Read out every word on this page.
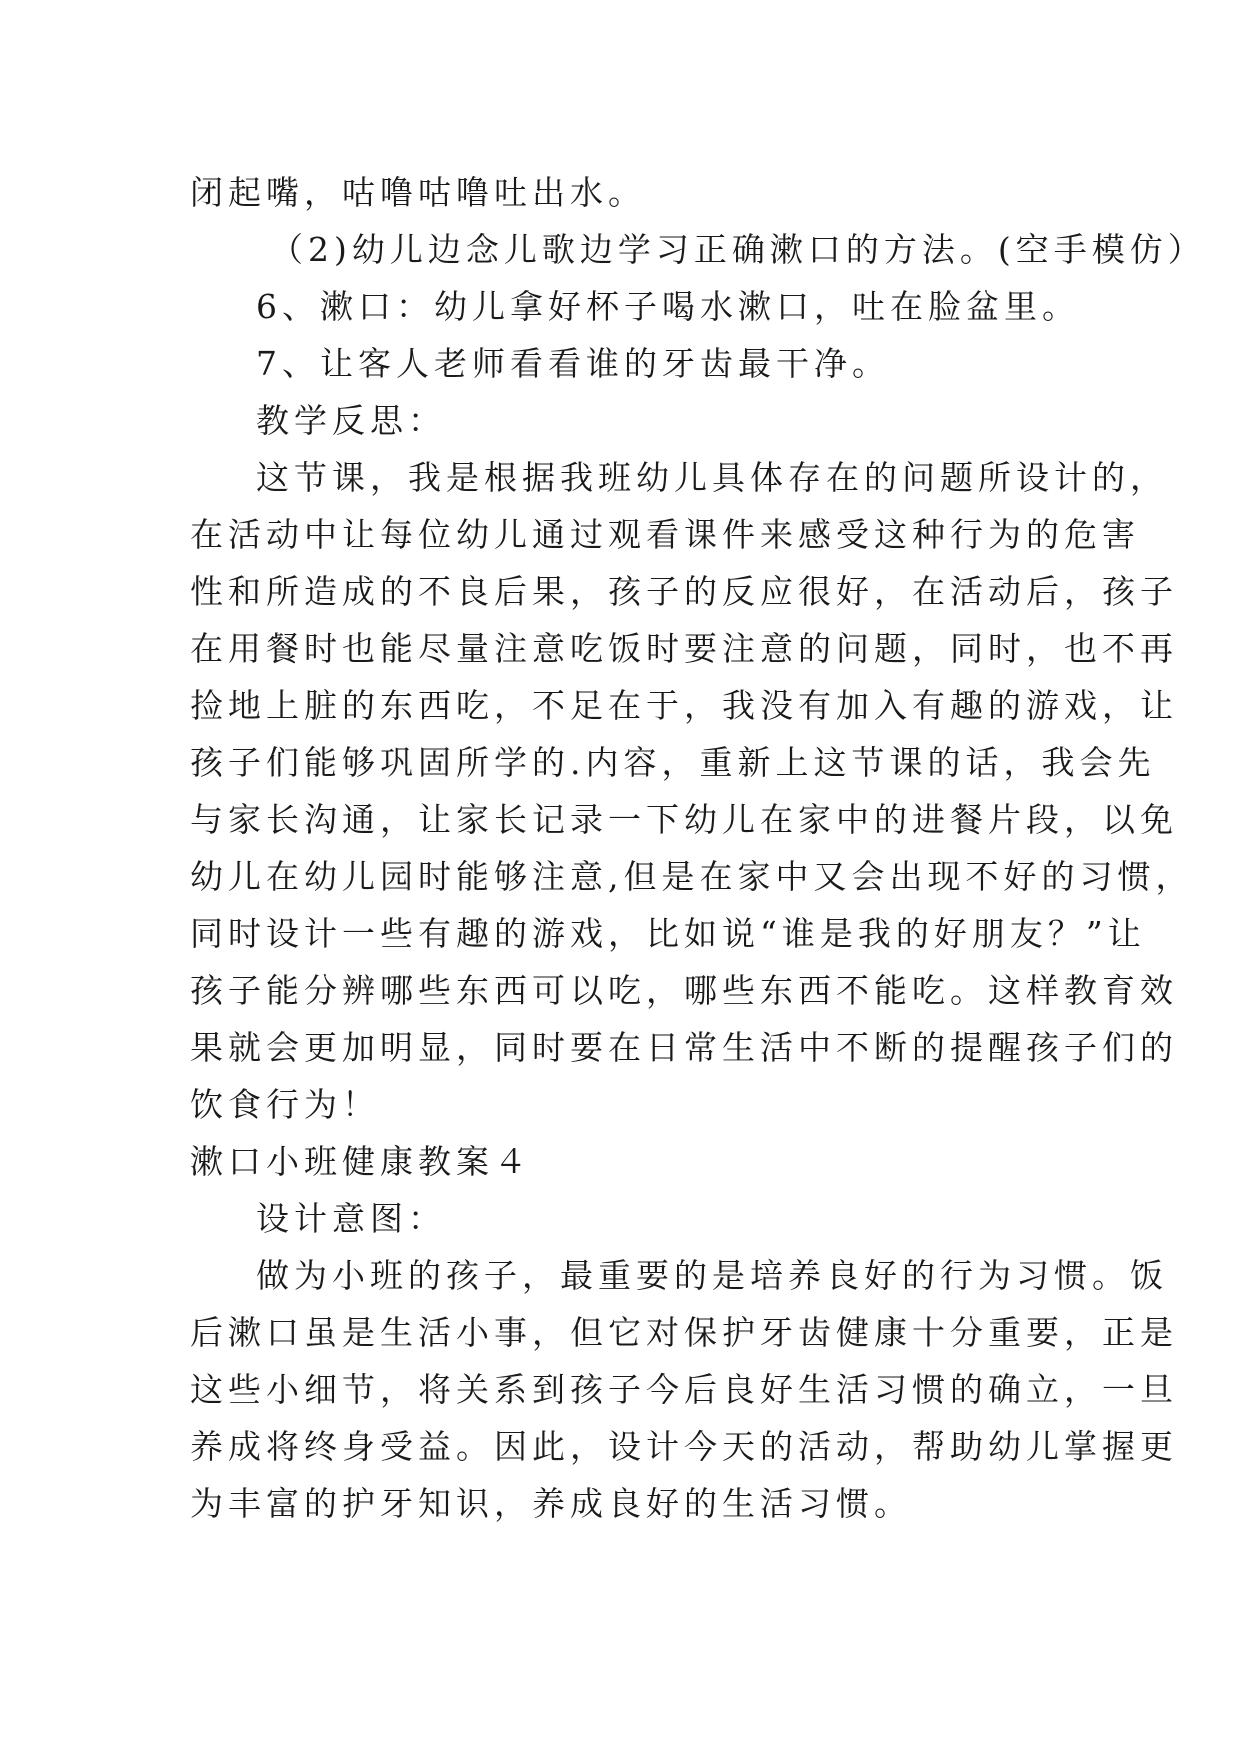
闭起嘴，咕噜咕噜吐出水。

（2)幼儿边念儿歌边学习正确漱口的方法。(空手模仿）

6、漱口：幼儿拿好杯子喝水漱口，吐在脸盆里。

7、让客人老师看看谁的牙齿最干净。

教学反思：

这节课，我是根据我班幼儿具体存在的问题所设计的，

在活动中让每位幼儿通过观看课件来感受这种行为的危害

性和所造成的不良后果，孩子的反应很好，在活动后，孩子

在用餐时也能尽量注意吃饭时要注意的问题，同时，也不再

捡地上脏的东西吃，不足在于，我没有加入有趣的游戏，让

孩子们能够巩固所学的.内容，重新上这节课的话，我会先

与家长沟通，让家长记录一下幼儿在家中的进餐片段，以免

幼儿在幼儿园时能够注意,但是在家中又会出现不好的习惯，

同时设计一些有趣的游戏，比如说“谁是我的好朋友？”让

孩子能分辨哪些东西可以吃，哪些东西不能吃。这样教育效

果就会更加明显，同时要在日常生活中不断的提醒孩子们的

饮食行为！

漱口小班健康教案４

设计意图：

做为小班的孩子，最重要的是培养良好的行为习惯。饭

后漱口虽是生活小事，但它对保护牙齿健康十分重要，正是

这些小细节，将关系到孩子今后良好生活习惯的确立，一旦

养成将终身受益。因此，设计今天的活动，帮助幼儿掌握更

为丰富的护牙知识，养成良好的生活习惯。
